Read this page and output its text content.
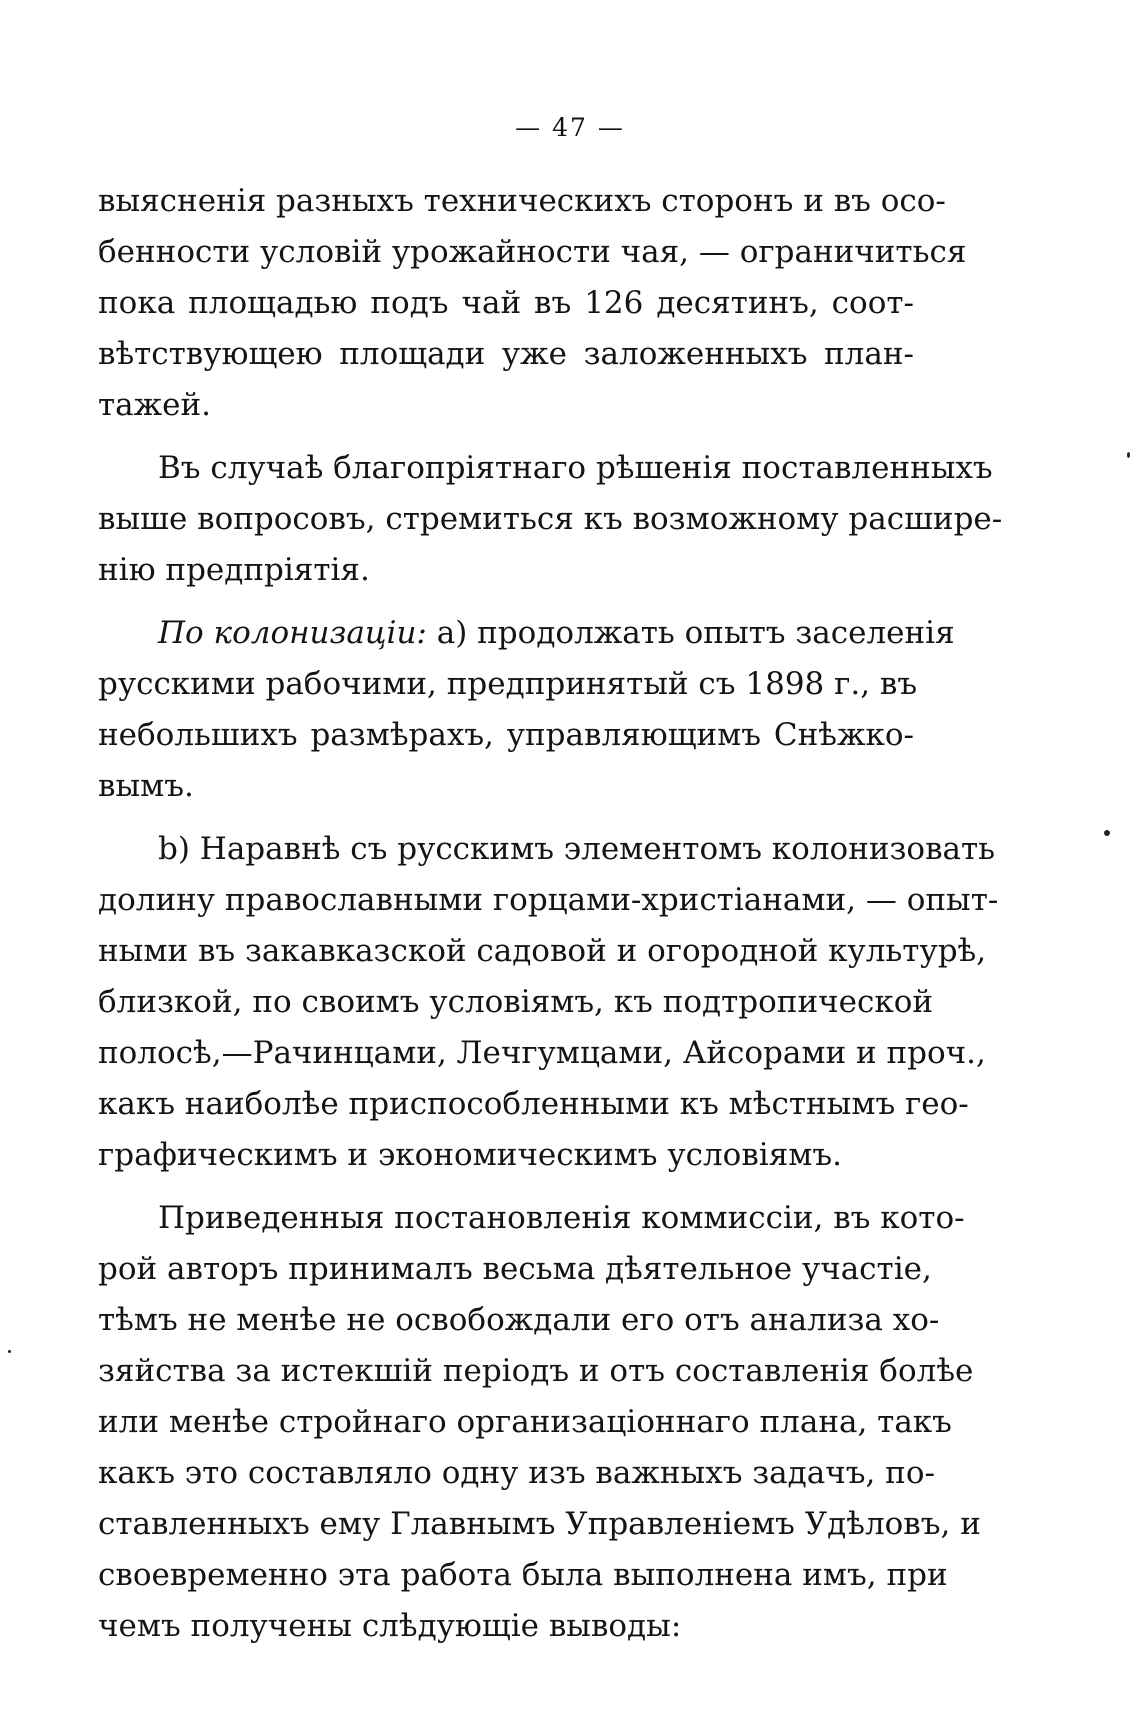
— 47 —
выясненія разныхъ техническихъ сторонъ и въ осо-
бенности условій урожайности чая, — ограничиться
пока площадью подъ чай въ 126 десятинъ, соот-
вѣтствующею площади уже заложенныхъ план-
тажей.
Въ случаѣ благопріятнаго рѣшенія поставленныхъ
выше вопросовъ, стремиться къ возможному расшире-
нію предпріятія.
По колонизаціи: a) продолжать опытъ заселенія
русскими рабочими, предпринятый съ 1898 г., въ
небольшихъ размѣрахъ, управляющимъ Снѣжко-
вымъ.
b) Наравнѣ съ русскимъ элементомъ колонизовать
долину православными горцами-христіанами, — опыт-
ными въ закавказской садовой и огородной культурѣ,
близкой, по своимъ условіямъ, къ подтропической
полосѣ,—Рачинцами, Лечгумцами, Айсорами и проч.,
какъ наиболѣе приспособленными къ мѣстнымъ гео-
графическимъ и экономическимъ условіямъ.
Приведенныя постановленія коммиссіи, въ кото-
рой авторъ принималъ весьма дѣятельное участіе,
тѣмъ не менѣе не освобождали его отъ анализа хо-
зяйства за истекшій періодъ и отъ составленія болѣе
или менѣе стройнаго организаціоннаго плана, такъ
какъ это составляло одну изъ важныхъ задачъ, по-
ставленныхъ ему Главнымъ Управленіемъ Удѣловъ, и
своевременно эта работа была выполнена имъ, при
чемъ получены слѣдующіе выводы:
